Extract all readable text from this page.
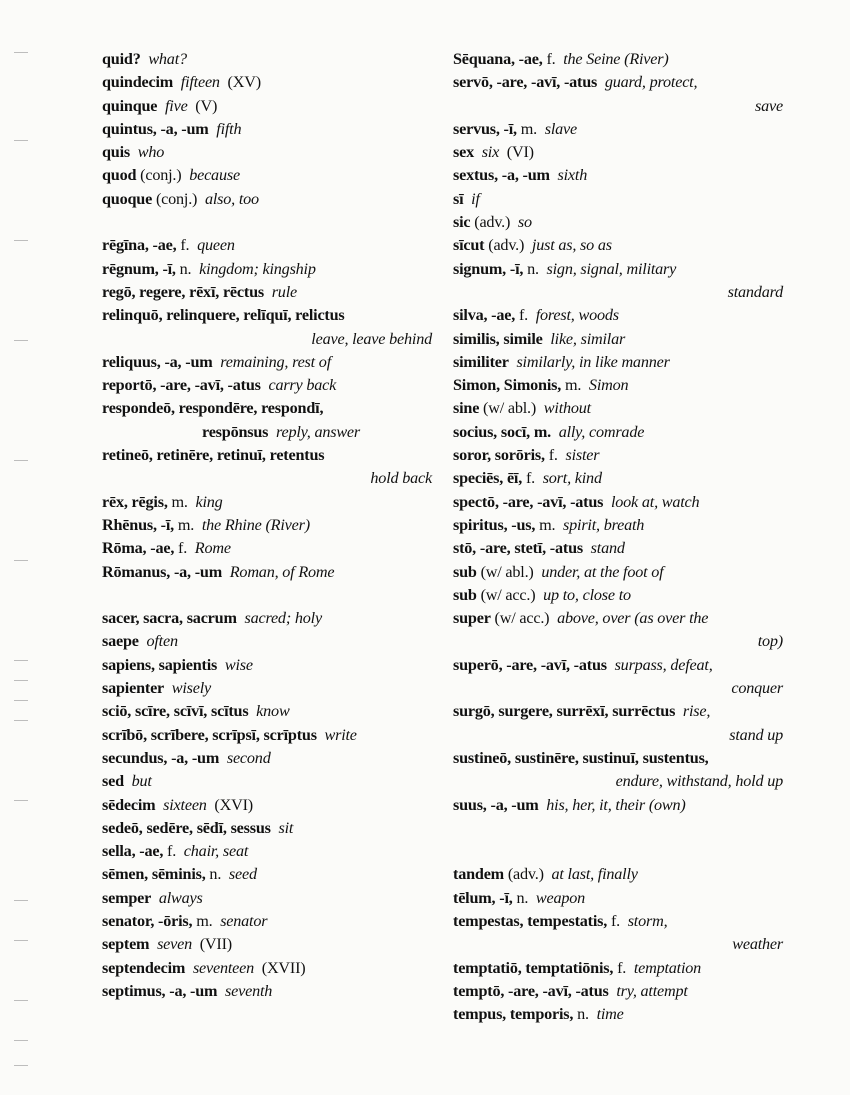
quid? what?
quindecim fifteen (XV)
quinque five (V)
quintus, -a, -um fifth
quis who
quod (conj.) because
quoque (conj.) also, too
rēgīna, -ae, f. queen
rēgnum, -ī, n. kingdom; kingship
regō, regere, rēxī, rēctus rule
relinquō, relinquere, relīquī, relictus
leave, leave behind
reliquus, -a, -um remaining, rest of
reportō, -are, -avī, -atus carry back
respondeō, respondēre, respondī,
respōnsus reply, answer
retineō, retinēre, retinuī, retentus
hold back
rēx, rēgis, m. king
Rhēnus, -ī, m. the Rhine (River)
Rōma, -ae, f. Rome
Rōmanus, -a, -um Roman, of Rome
sacer, sacra, sacrum sacred; holy
saepe often
sapiens, sapientis wise
sapienter wisely
sciō, scīre, scīvī, scītus know
scrībō, scrībere, scrīpsī, scrīptus write
secundus, -a, -um second
sed but
sēdecim sixteen (XVI)
sedeō, sedēre, sēdī, sessus sit
sella, -ae, f. chair, seat
sēmen, sēminis, n. seed
semper always
senator, -ōris, m. senator
septem seven (VII)
septendecim seventeen (XVII)
septimus, -a, -um seventh
Sēquana, -ae, f. the Seine (River)
servō, -are, -avī, -atus guard, protect,
save
servus, -ī, m. slave
sex six (VI)
sextus, -a, -um sixth
sī if
sic (adv.) so
sīcut (adv.) just as, so as
signum, -ī, n. sign, signal, military
standard
silva, -ae, f. forest, woods
similis, simile like, similar
similiter similarly, in like manner
Simon, Simonis, m. Simon
sine (w/ abl.) without
socius, socī, m. ally, comrade
soror, sorōris, f. sister
speciēs, ēī, f. sort, kind
spectō, -are, -avī, -atus look at, watch
spiritus, -us, m. spirit, breath
stō, -are, stetī, -atus stand
sub (w/ abl.) under, at the foot of
sub (w/ acc.) up to, close to
super (w/ acc.) above, over (as over the
top)
superō, -are, -avī, -atus surpass, defeat,
conquer
surgō, surgere, surrēxī, surrēctus rise,
stand up
sustineō, sustinēre, sustinuī, sustentus,
endure, withstand, hold up
suus, -a, -um his, her, it, their (own)
tandem (adv.) at last, finally
tēlum, -ī, n. weapon
tempestas, tempestatis, f. storm,
weather
temptatiō, temptatiōnis, f. temptation
temptō, -are, -avī, -atus try, attempt
tempus, temporis, n. time
